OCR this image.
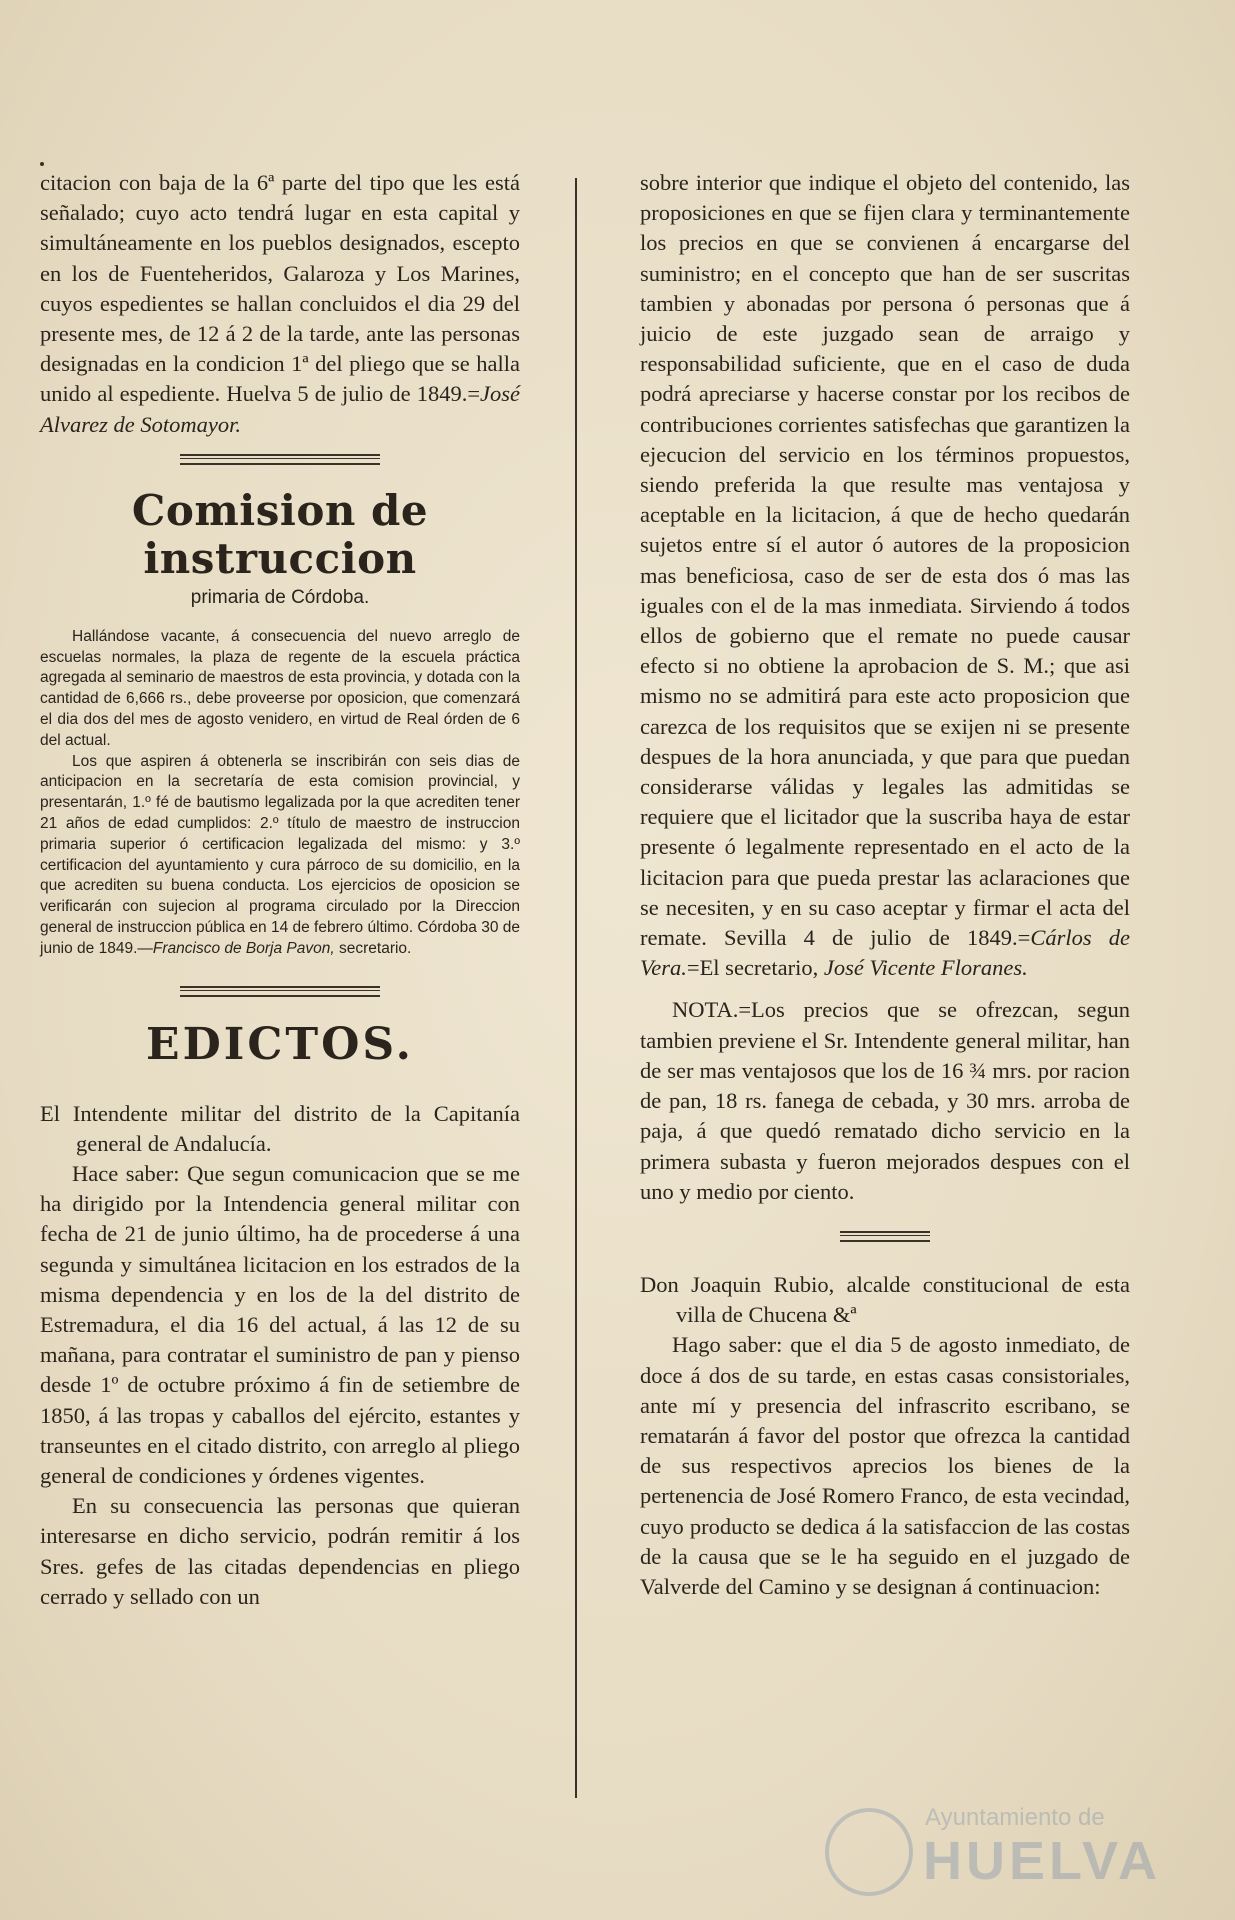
citacion con baja de la 6ª parte del tipo que les está señalado; cuyo acto tendrá lugar en esta capital y simultáneamente en los pueblos designados, escepto en los de Fuenteheridos, Galaroza y Los Marines, cuyos espedientes se hallan concluidos el dia 29 del presente mes, de 12 á 2 de la tarde, ante las personas designadas en la condicion 1ª del pliego que se halla unido al espediente. Huelva 5 de julio de 1849.=José Alvarez de Sotomayor.

Comision de instruccion
primaria de Córdoba.

Hallándose vacante, á consecuencia del nuevo arreglo de escuelas normales, la plaza de regente de la escuela práctica agregada al seminario de maestros de esta provincia, y dotada con la cantidad de 6,666 rs., debe proveerse por oposicion, que comenzará el dia dos del mes de agosto venidero, en virtud de Real órden de 6 del actual.

Los que aspiren á obtenerla se inscribirán con seis dias de anticipacion en la secretaría de esta comision provincial, y presentarán, 1.º fé de bautismo legalizada por la que acrediten tener 21 años de edad cumplidos: 2.º título de maestro de instruccion primaria superior ó certificacion legalizada del mismo: y 3.º certificacion del ayuntamiento y cura párroco de su domicilio, en la que acrediten su buena conducta. Los ejercicios de oposicion se verificarán con sujecion al programa circulado por la Direccion general de instruccion pública en 14 de febrero último. Córdoba 30 de junio de 1849.—Francisco de Borja Pavon, secretario.

EDICTOS.

El Intendente militar del distrito de la Capitanía general de Andalucía.

Hace saber: Que segun comunicacion que se me ha dirigido por la Intendencia general militar con fecha de 21 de junio último, ha de procederse á una segunda y simultánea licitacion en los estrados de la misma dependencia y en los de la del distrito de Estremadura, el dia 16 del actual, á las 12 de su mañana, para contratar el suministro de pan y pienso desde 1º de octubre próximo á fin de setiembre de 1850, á las tropas y caballos del ejército, estantes y transeuntes en el citado distrito, con arreglo al pliego general de condiciones y órdenes vigentes.

En su consecuencia las personas que quieran interesarse en dicho servicio, podrán remitir á los Sres. gefes de las citadas dependencias en pliego cerrado y sellado con un

sobre interior que indique el objeto del contenido, las proposiciones en que se fijen clara y terminantemente los precios en que se convienen á encargarse del suministro; en el concepto que han de ser suscritas tambien y abonadas por persona ó personas que á juicio de este juzgado sean de arraigo y responsabilidad suficiente, que en el caso de duda podrá apreciarse y hacerse constar por los recibos de contribuciones corrientes satisfechas que garantizen la ejecucion del servicio en los términos propuestos, siendo preferida la que resulte mas ventajosa y aceptable en la licitacion, á que de hecho quedarán sujetos entre sí el autor ó autores de la proposicion mas beneficiosa, caso de ser de esta dos ó mas las iguales con el de la mas inmediata. Sirviendo á todos ellos de gobierno que el remate no puede causar efecto si no obtiene la aprobacion de S. M.; que asi mismo no se admitirá para este acto proposicion que carezca de los requisitos que se exijen ni se presente despues de la hora anunciada, y que para que puedan considerarse válidas y legales las admitidas se requiere que el licitador que la suscriba haya de estar presente ó legalmente representado en el acto de la licitacion para que pueda prestar las aclaraciones que se necesiten, y en su caso aceptar y firmar el acta del remate. Sevilla 4 de julio de 1849.=Cárlos de Vera.=El secretario, José Vicente Floranes.

NOTA.=Los precios que se ofrezcan, segun tambien previene el Sr. Intendente general militar, han de ser mas ventajosos que los de 16 ¾ mrs. por racion de pan, 18 rs. fanega de cebada, y 30 mrs. arroba de paja, á que quedó rematado dicho servicio en la primera subasta y fueron mejorados despues con el uno y medio por ciento.

Don Joaquin Rubio, alcalde constitucional de esta villa de Chucena &ª

Hago saber: que el dia 5 de agosto inmediato, de doce á dos de su tarde, en estas casas consistoriales, ante mí y presencia del infrascrito escribano, se rematarán á favor del postor que ofrezca la cantidad de sus respectivos aprecios los bienes de la pertenencia de José Romero Franco, de esta vecindad, cuyo producto se dedica á la satisfaccion de las costas de la causa que se le ha seguido en el juzgado de Valverde del Camino y se designan á continuacion:

Ayuntamiento de
HUELVA
